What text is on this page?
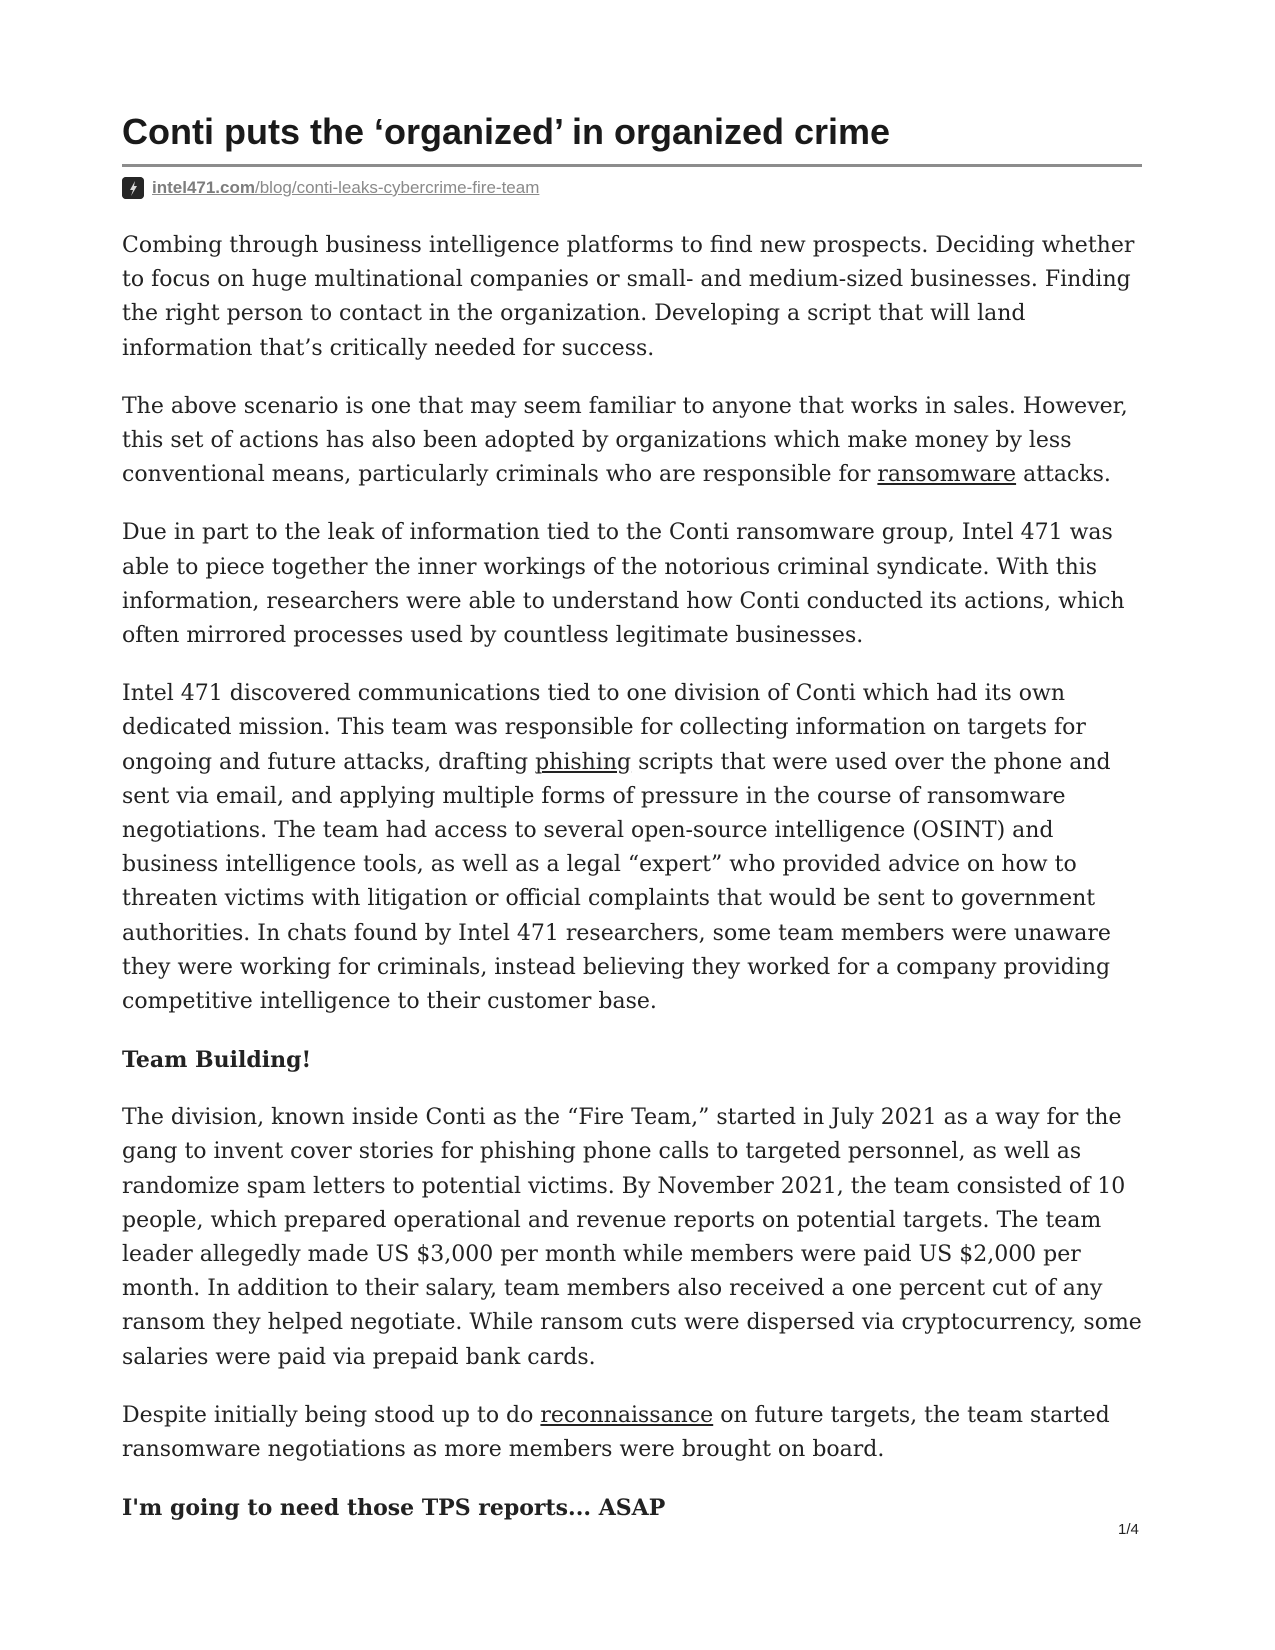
Conti puts the ‘organized’ in organized crime
intel471.com/blog/conti-leaks-cybercrime-fire-team

Combing through business intelligence platforms to find new prospects. Deciding whether to focus on huge multinational companies or small- and medium-sized businesses. Finding the right person to contact in the organization. Developing a script that will land information that’s critically needed for success.

The above scenario is one that may seem familiar to anyone that works in sales. However, this set of actions has also been adopted by organizations which make money by less conventional means, particularly criminals who are responsible for ransomware attacks.

Due in part to the leak of information tied to the Conti ransomware group, Intel 471 was able to piece together the inner workings of the notorious criminal syndicate. With this information, researchers were able to understand how Conti conducted its actions, which often mirrored processes used by countless legitimate businesses.

Intel 471 discovered communications tied to one division of Conti which had its own dedicated mission. This team was responsible for collecting information on targets for ongoing and future attacks, drafting phishing scripts that were used over the phone and sent via email, and applying multiple forms of pressure in the course of ransomware negotiations. The team had access to several open-source intelligence (OSINT) and business intelligence tools, as well as a legal “expert” who provided advice on how to threaten victims with litigation or official complaints that would be sent to government authorities. In chats found by Intel 471 researchers, some team members were unaware they were working for criminals, instead believing they worked for a company providing competitive intelligence to their customer base.

Team Building!

The division, known inside Conti as the “Fire Team,” started in July 2021 as a way for the gang to invent cover stories for phishing phone calls to targeted personnel, as well as randomize spam letters to potential victims. By November 2021, the team consisted of 10 people, which prepared operational and revenue reports on potential targets. The team leader allegedly made US $3,000 per month while members were paid US $2,000 per month. In addition to their salary, team members also received a one percent cut of any ransom they helped negotiate. While ransom cuts were dispersed via cryptocurrency, some salaries were paid via prepaid bank cards.

Despite initially being stood up to do reconnaissance on future targets, the team started ransomware negotiations as more members were brought on board.

I'm going to need those TPS reports... ASAP
1/4
